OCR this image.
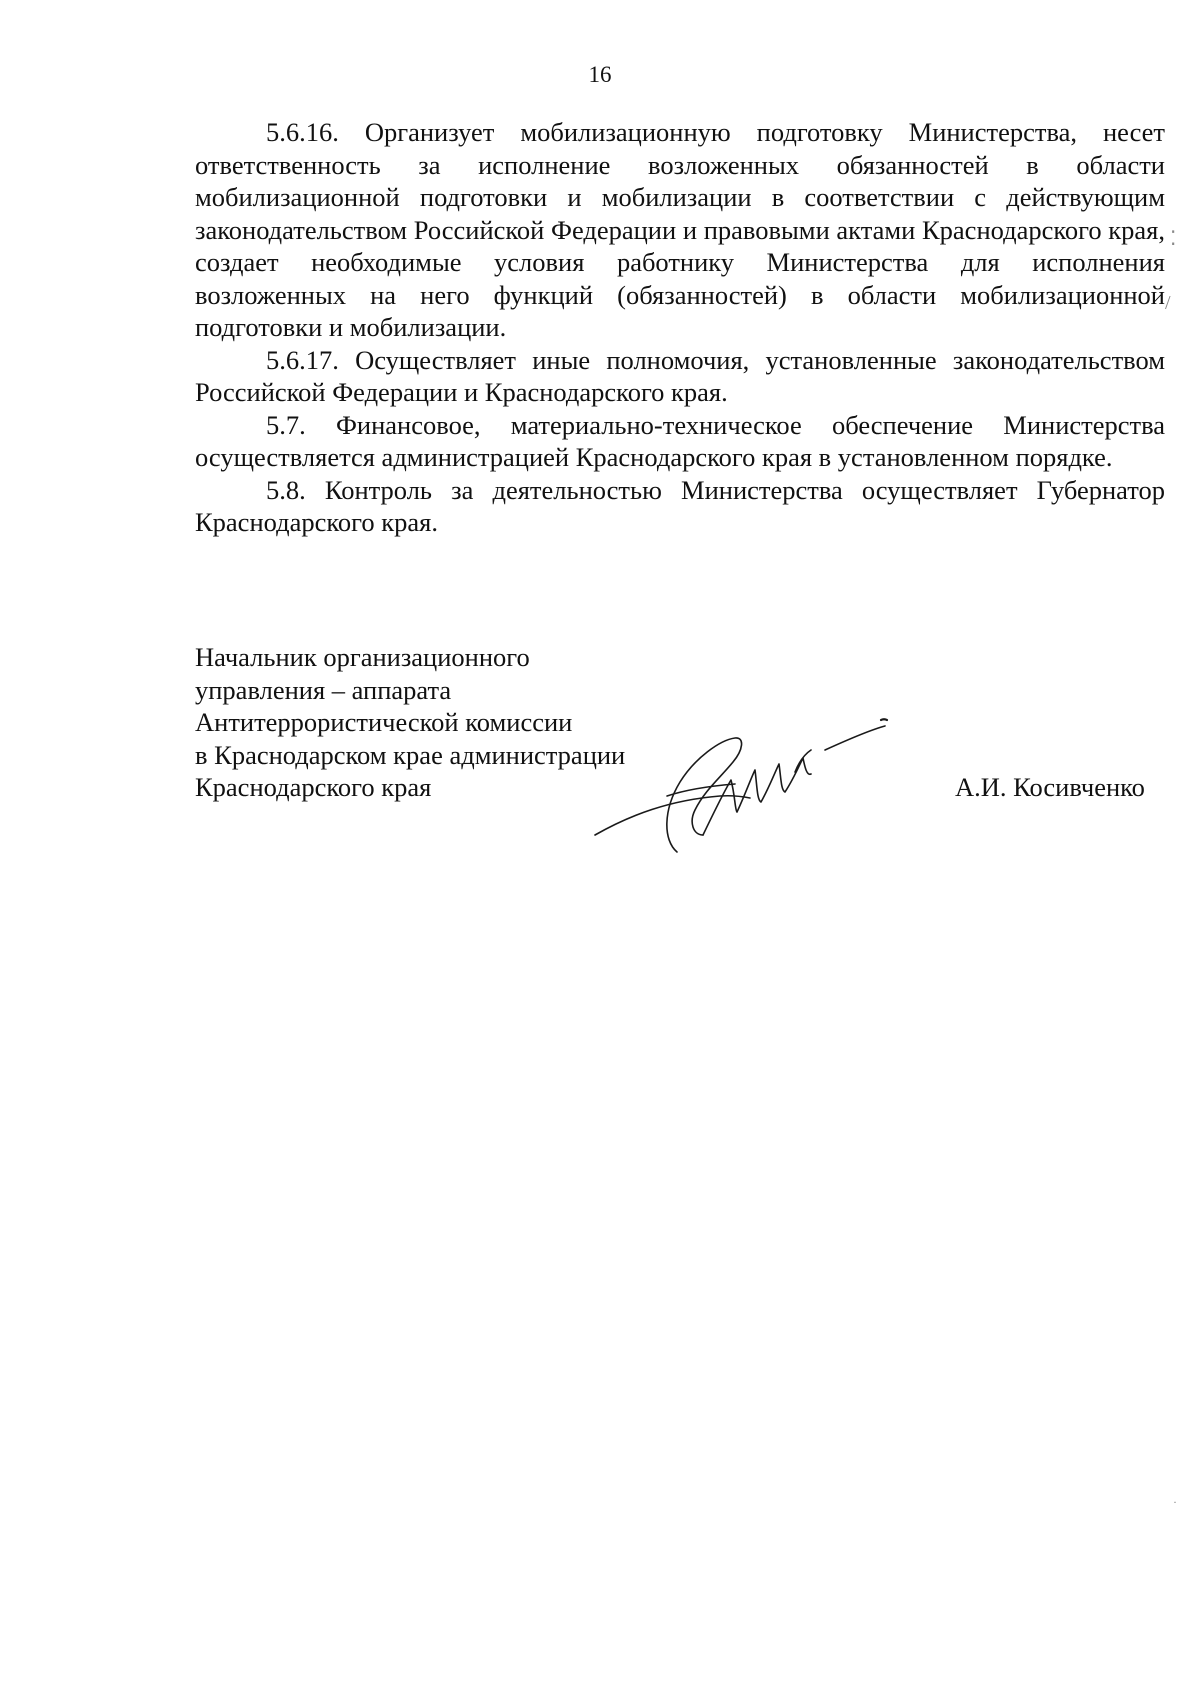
16

5.6.16. Организует мобилизационную подготовку Министерства, несет ответственность за исполнение возложенных обязанностей в области мобилизационной подготовки и мобилизации в соответствии с действующим законодательством Российской Федерации и правовыми актами Краснодарского края, создает необходимые условия работнику Министерства для исполнения возложенных на него функций (обязанностей) в области мобилизационной подготовки и мобилизации.

5.6.17. Осуществляет иные полномочия, установленные законодательством Российской Федерации и Краснодарского края.

5.7. Финансовое, материально-техническое обеспечение Министерства осуществляется администрацией Краснодарского края в установленном порядке.

5.8. Контроль за деятельностью Министерства осуществляет Губернатор Краснодарского края.

Начальник организационного
управления – аппарата
Антитеррористической комиссии
в Краснодарском крае администрации
Краснодарского края	А.И. Косивченко
⁚
/
·
